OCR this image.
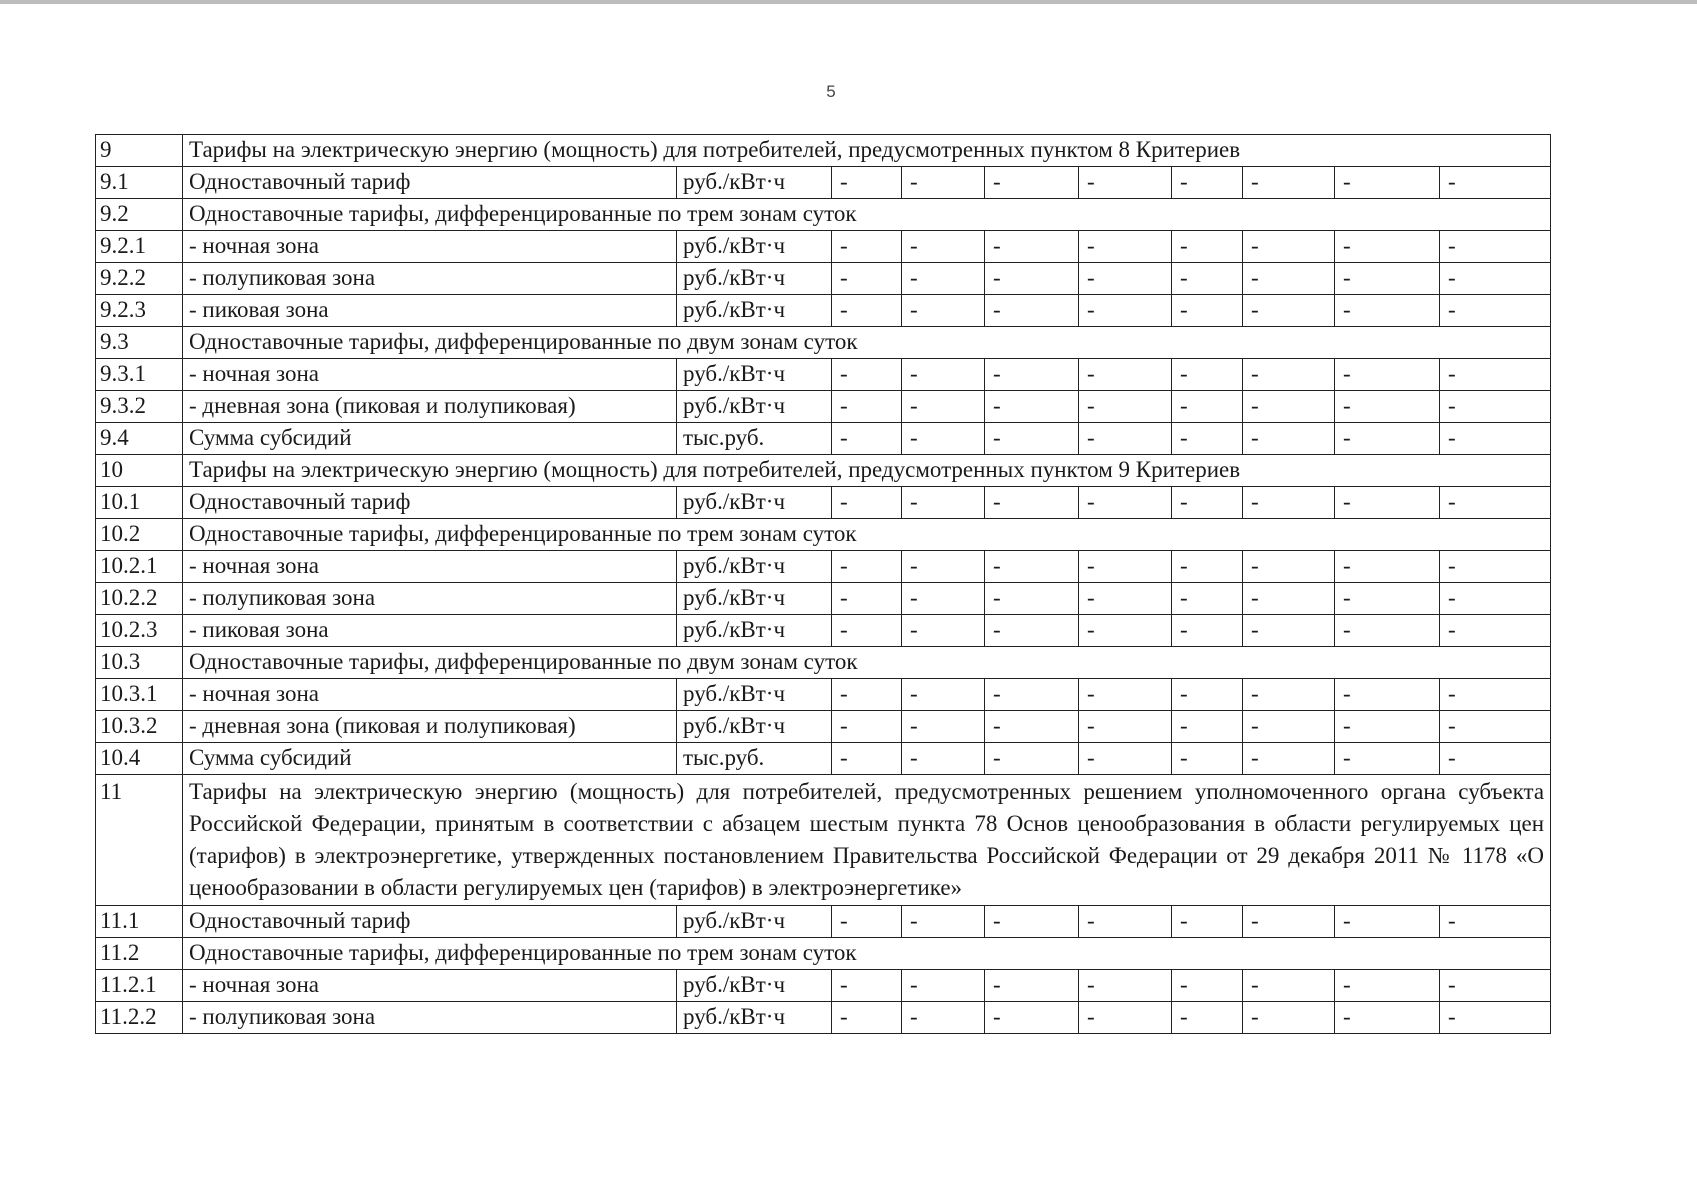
5
9	Тарифы на электрическую энергию (мощность) для потребителей, предусмотренных пунктом 8 Критериев									
9.1	Одноставочный тариф	руб./кВт·ч	-	-	-	-	-	-	-	-
9.2	Одноставочные тарифы, дифференцированные по трем зонам суток									
9.2.1	- ночная зона	руб./кВт·ч	-	-	-	-	-	-	-	-
9.2.2	- полупиковая зона	руб./кВт·ч	-	-	-	-	-	-	-	-
9.2.3	- пиковая зона	руб./кВт·ч	-	-	-	-	-	-	-	-
9.3	Одноставочные тарифы, дифференцированные по двум зонам суток									
9.3.1	- ночная зона	руб./кВт·ч	-	-	-	-	-	-	-	-
9.3.2	- дневная зона (пиковая и полупиковая)	руб./кВт·ч	-	-	-	-	-	-	-	-
9.4	Сумма субсидий	тыс.руб.	-	-	-	-	-	-	-	-
10	Тарифы на электрическую энергию (мощность) для потребителей, предусмотренных пунктом 9 Критериев									
10.1	Одноставочный тариф	руб./кВт·ч	-	-	-	-	-	-	-	-
10.2	Одноставочные тарифы, дифференцированные по трем зонам суток									
10.2.1	- ночная зона	руб./кВт·ч	-	-	-	-	-	-	-	-
10.2.2	- полупиковая зона	руб./кВт·ч	-	-	-	-	-	-	-	-
10.2.3	- пиковая зона	руб./кВт·ч	-	-	-	-	-	-	-	-
10.3	Одноставочные тарифы, дифференцированные по двум зонам суток									
10.3.1	- ночная зона	руб./кВт·ч	-	-	-	-	-	-	-	-
10.3.2	- дневная зона (пиковая и полупиковая)	руб./кВт·ч	-	-	-	-	-	-	-	-
10.4	Сумма субсидий	тыс.руб.	-	-	-	-	-	-	-	-
11	Тарифы на электрическую энергию (мощность) для потребителей, предусмотренных решением уполномоченного органа субъекта Российской Федерации, принятым в соответствии с абзацем шестым пункта 78 Основ ценообразования в области регулируемых цен (тарифов) в электроэнергетике, утвержденных постановлением Правительства Российской Федерации от 29 декабря 2011 № 1178 «О ценообразовании в области регулируемых цен (тарифов) в электроэнергетике»									
11.1	Одноставочный тариф	руб./кВт·ч	-	-	-	-	-	-	-	-
11.2	Одноставочные тарифы, дифференцированные по трем зонам суток									
11.2.1	- ночная зона	руб./кВт·ч	-	-	-	-	-	-	-	-
11.2.2	- полупиковая зона	руб./кВт·ч	-	-	-	-	-	-	-	-
